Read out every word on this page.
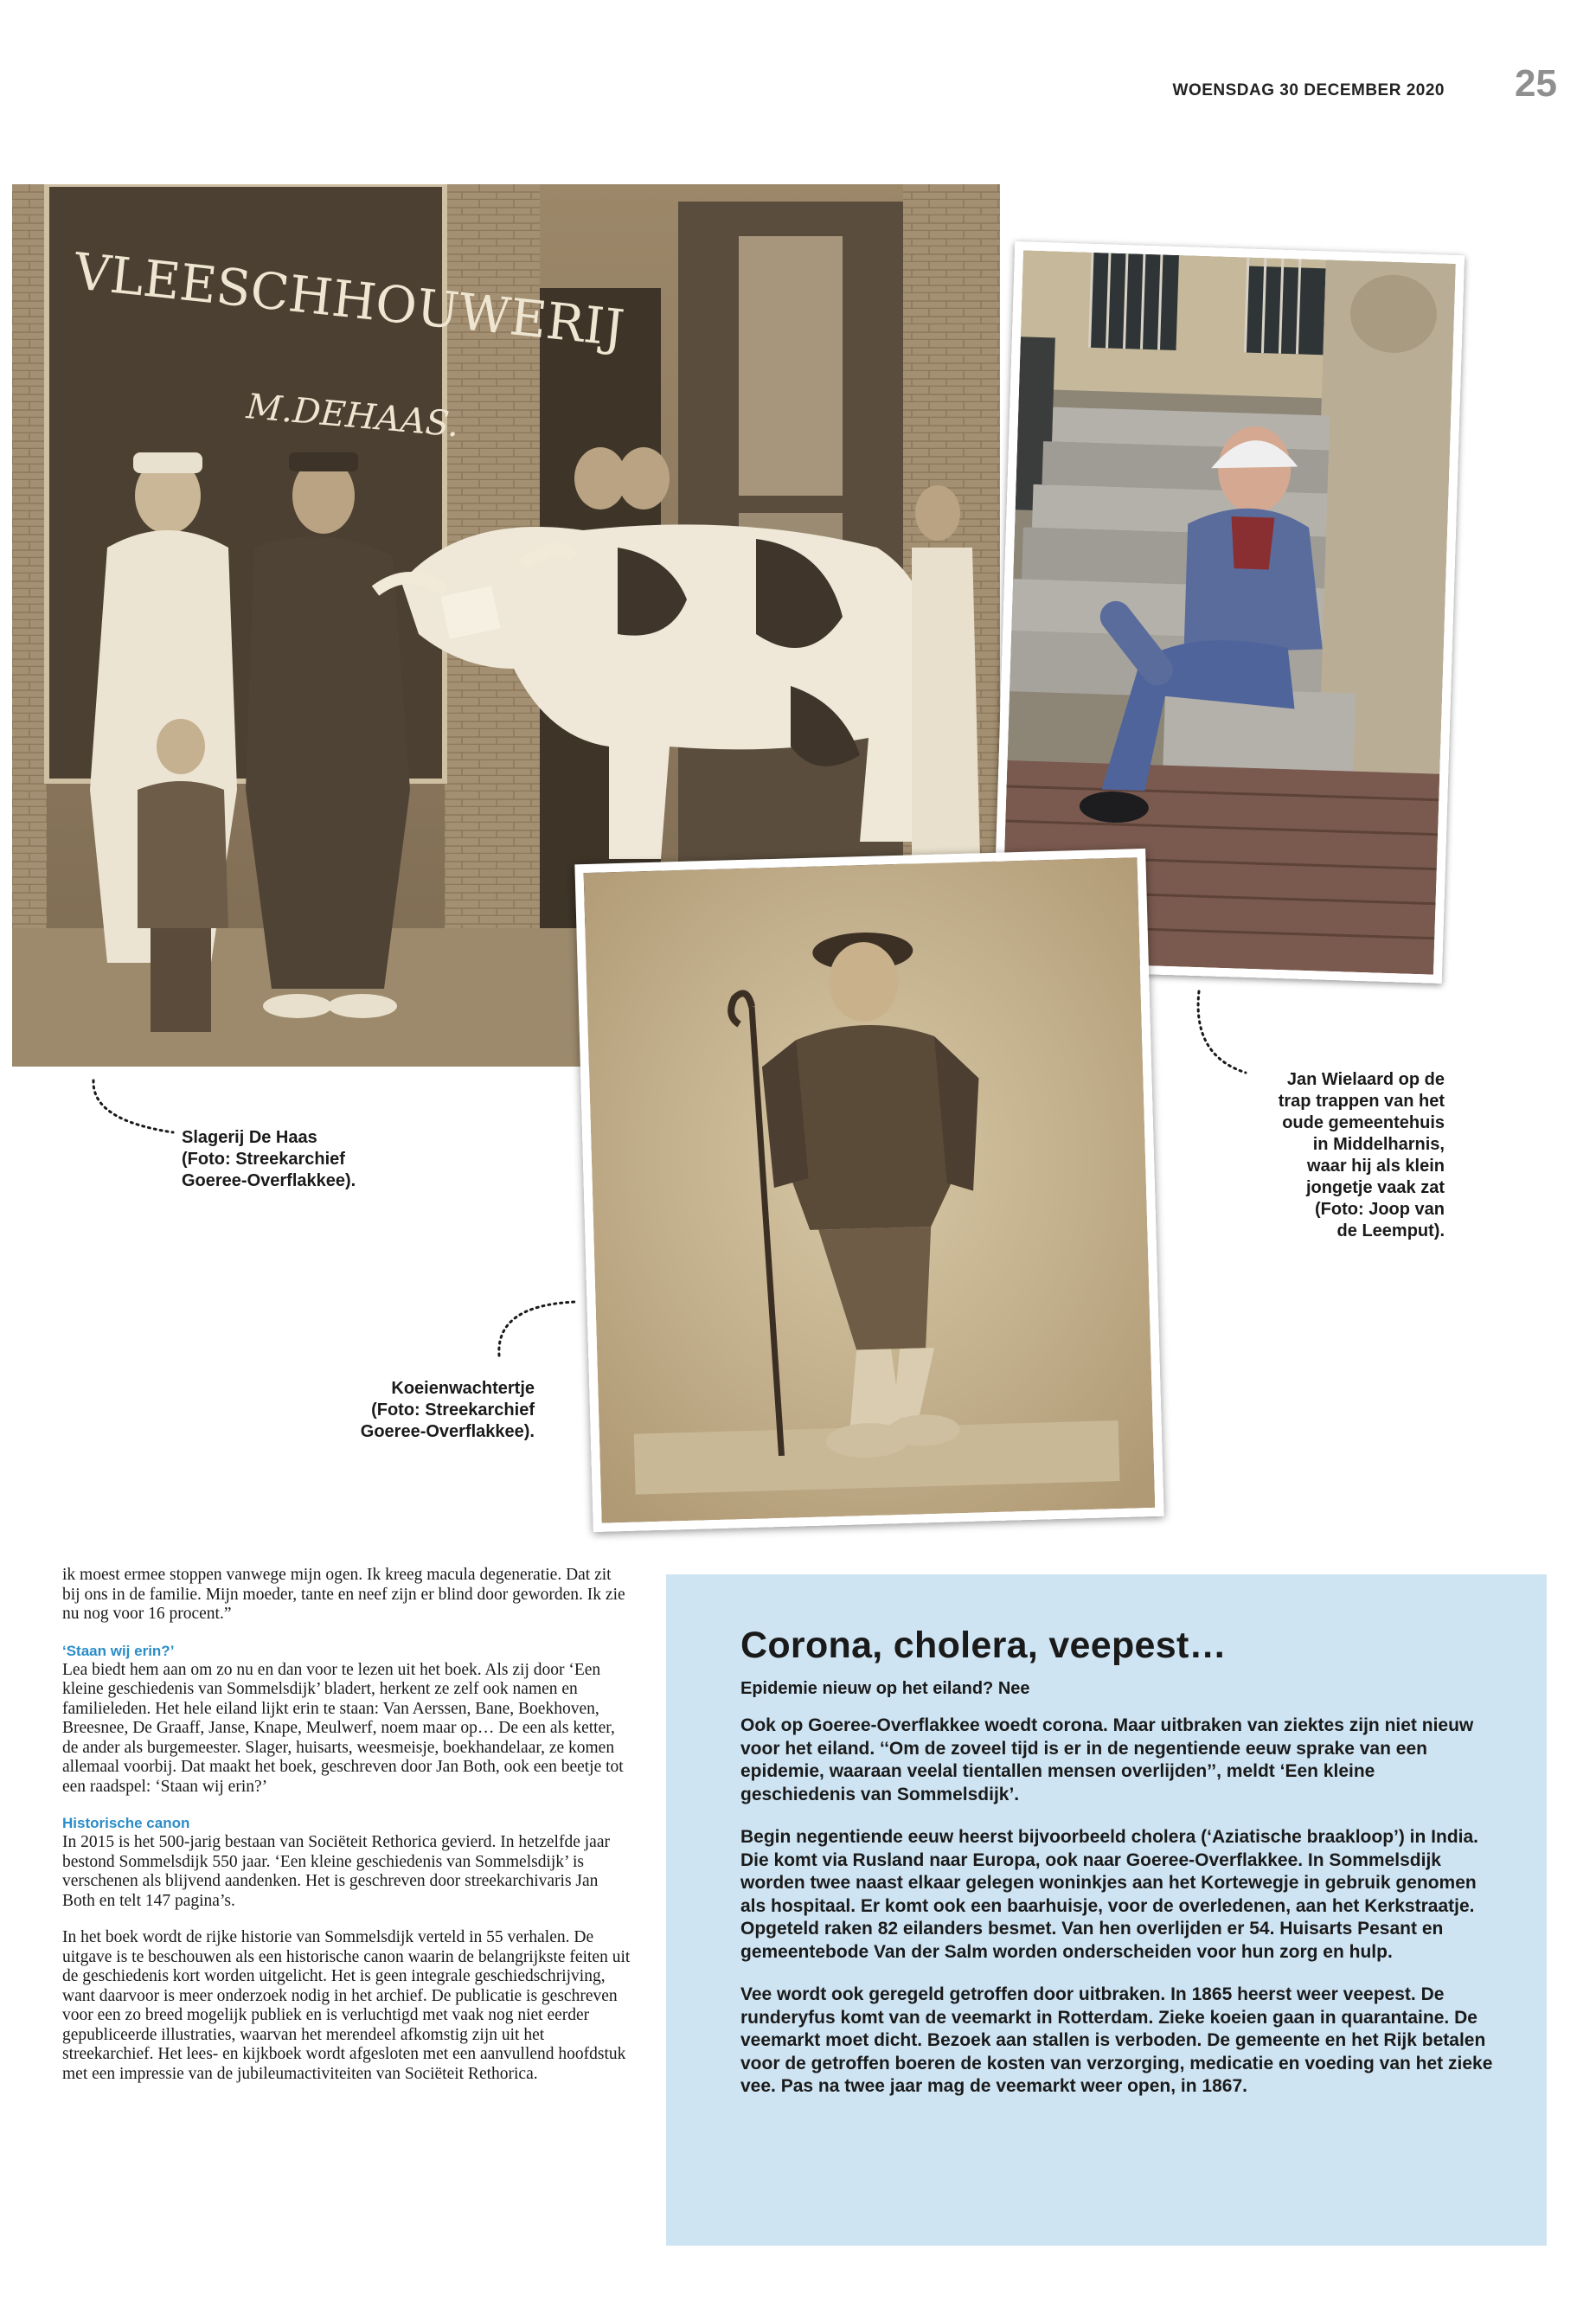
WOENSDAG 30 DECEMBER 2020	25
VLEESCHHOUWERIJ
M.DEHAAS.
Slagerij De Haas
(Foto: Streekarchief
Goeree-Overflakkee).
Koeienwachtertje
(Foto: Streekarchief
Goeree-Overflakkee).
Jan Wielaard op de
trap trappen van het
oude gemeentehuis
in Middelharnis,
waar hij als klein
jongetje vaak zat
(Foto: Joop van
de Leemput).

ik moest ermee stoppen vanwege mijn ogen. Ik kreeg macula degeneratie. Dat zit bij ons in de familie. Mijn moeder, tante en neef zijn er blind door geworden. Ik zie nu nog voor 16 procent.”

‘Staan wij erin?’

Lea biedt hem aan om zo nu en dan voor te lezen uit het boek. Als zij door ‘Een kleine geschiedenis van Sommelsdijk’ bladert, herkent ze zelf ook namen en familieleden. Het hele eiland lijkt erin te staan: Van Aerssen, Bane, Boekhoven, Breesnee, De Graaff, Janse, Knape, Meulwerf, noem maar op… De een als ketter, de ander als burgemeester. Slager, huisarts, weesmeisje, boekhandelaar, ze komen allemaal voorbij. Dat maakt het boek, geschreven door Jan Both, ook een beetje tot een raadspel: ‘Staan wij erin?’

Historische canon

In 2015 is het 500-jarig bestaan van Sociëteit Rethorica gevierd. In hetzelfde jaar bestond Sommelsdijk 550 jaar. ‘Een kleine geschiedenis van Sommelsdijk’ is verschenen als blijvend aandenken. Het is geschreven door streekarchivaris Jan Both en telt 147 pagina’s.

In het boek wordt de rijke historie van Sommelsdijk verteld in 55 verhalen. De uitgave is te beschouwen als een historische canon waarin de belangrijkste feiten uit de geschiedenis kort worden uitgelicht. Het is geen integrale geschiedschrijving, want daarvoor is meer onderzoek nodig in het archief. De publicatie is geschreven voor een zo breed mogelijk publiek en is verluchtigd met vaak nog niet eerder gepubliceerde illustraties, waarvan het merendeel afkomstig zijn uit het streekarchief. Het lees- en kijkboek wordt afgesloten met een aanvullend hoofdstuk met een impressie van de jubileumactiviteiten van Sociëteit Rethorica.

Corona, cholera, veepest…
Epidemie nieuw op het eiland? Nee

Ook op Goeree-Overflakkee woedt corona. Maar uitbraken van ziektes zijn niet nieuw voor het eiland. ‘‘Om de zoveel tijd is er in de negentiende eeuw sprake van een epidemie, waaraan veelal tientallen mensen overlijden’’, meldt ‘Een kleine geschiedenis van Sommelsdijk’.

Begin negentiende eeuw heerst bijvoorbeeld cholera (‘Aziatische braakloop’) in India. Die komt via Rusland naar Europa, ook naar Goeree-Overflakkee. In Sommelsdijk worden twee naast elkaar gelegen woninkjes aan het Kortewegje in gebruik genomen als hospitaal. Er komt ook een baarhuisje, voor de overledenen, aan het Kerkstraatje. Opgeteld raken 82 eilanders besmet. Van hen overlijden er 54. Huisarts Pesant en gemeentebode Van der Salm worden onderscheiden voor hun zorg en hulp.

Vee wordt ook geregeld getroffen door uitbraken. In 1865 heerst weer veepest. De runderyfus komt van de veemarkt in Rotterdam. Zieke koeien gaan in quarantaine. De veemarkt moet dicht. Bezoek aan stallen is verboden. De gemeente en het Rijk betalen voor de getroffen boeren de kosten van verzorging, medicatie en voeding van het zieke vee. Pas na twee jaar mag de veemarkt weer open, in 1867.
